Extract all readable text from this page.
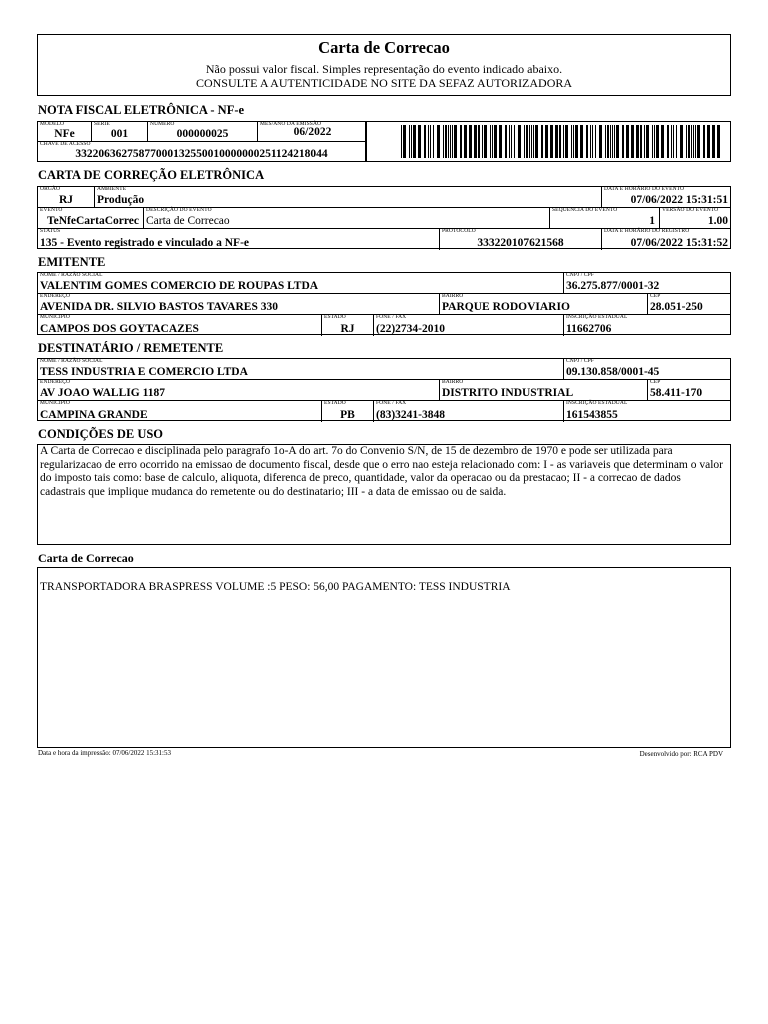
Carta de Correcao
Não possui valor fiscal. Simples representação do evento indicado abaixo.
CONSULTE A AUTENTICIDADE NO SITE DA SEFAZ AUTORIZADORA
NOTA FISCAL ELETRÔNICA - NF-e
MODELO
NFe
SERIE
001
NUMERO
000000025
MES/ANO DA EMISSÃO
06/2022
CHAVE DE ACESSO
33220636275877000132550010000000251124218044
CARTA DE CORREÇÃO ELETRÔNICA
ORGÃO
RJ
AMBIENTE
Produção
DATA E HORÁRIO DO EVENTO
07/06/2022 15:31:51
EVENTO
TeNfeCartaCorrec
DESCRIÇÃO DO EVENTO
Carta de Correcao
SEQUENCIA DO EVENTO
1
VERSÃO DO EVENTO
1.00
STATUS
135 - Evento registrado e vinculado a NF-e
PROTOCOLO
333220107621568
DATA E HORÁRIO DO REGISTRO
07/06/2022 15:31:52
EMITENTE
NOME / RAZÃO SOCIAL
VALENTIM GOMES COMERCIO DE ROUPAS LTDA
CNPJ / CPF
36.275.877/0001-32
ENDEREÇO
AVENIDA DR. SILVIO BASTOS TAVARES 330
BAIRRO
PARQUE RODOVIARIO
CEP
28.051-250
MUNICIPIO
CAMPOS DOS GOYTACAZES
ESTADO
RJ
FONE / FAX
(22)2734-2010
INSCRIÇÃO ESTADUAL
11662706
DESTINATÁRIO / REMETENTE
NOME / RAZÃO SOCIAL
TESS INDUSTRIA E COMERCIO LTDA
CNPJ / CPF
09.130.858/0001-45
ENDEREÇO
AV JOAO WALLIG 1187
BAIRRO
DISTRITO INDUSTRIAL
CEP
58.411-170
MUNICIPIO
CAMPINA GRANDE
ESTADO
PB
FONE / FAX
(83)3241-3848
INSCRIÇÃO ESTADUAL
161543855
CONDIÇÕES DE USO
A Carta de Correcao e disciplinada pelo paragrafo 1o-A do art. 7o do Convenio S/N, de 15 de dezembro de 1970 e pode ser utilizada para regularizacao de erro ocorrido na emissao de documento fiscal, desde que o erro nao esteja relacionado com: I - as variaveis que determinam o valor do imposto tais como: base de calculo, aliquota, diferenca de preco, quantidade, valor da operacao ou da prestacao; II - a correcao de dados cadastrais que implique mudanca do remetente ou do destinatario; III - a data de emissao ou de saida.
Carta de Correcao
TRANSPORTADORA BRASPRESS VOLUME :5 PESO: 56,00 PAGAMENTO: TESS INDUSTRIA
Data e hora da impressão: 07/06/2022 15:31:53	Desenvolvido por: RCA PDV
